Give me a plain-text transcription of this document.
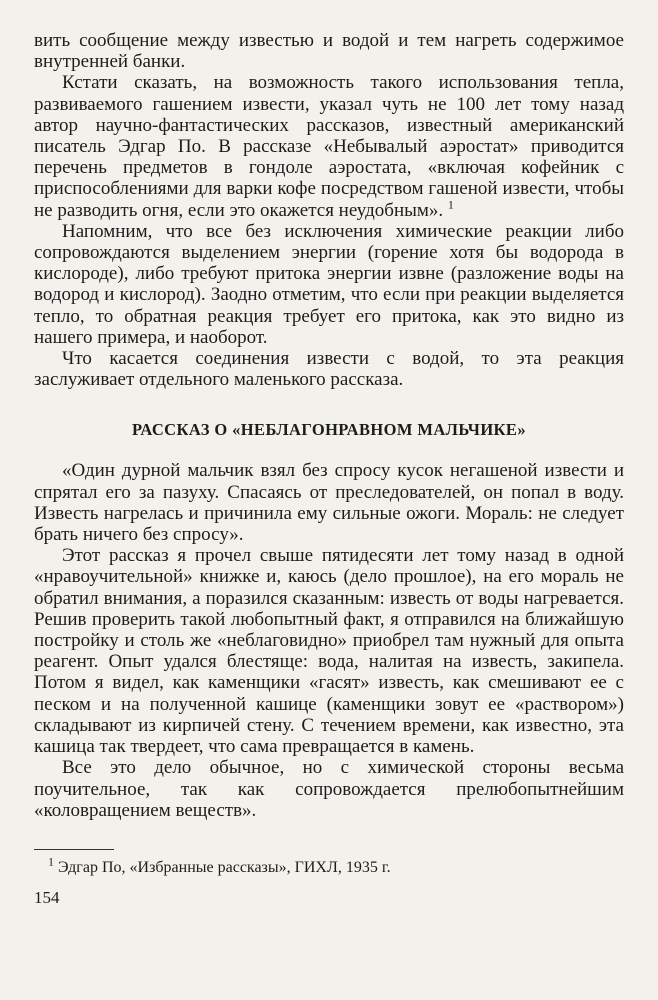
вить сообщение между известью и водой и тем нагреть содержимое внутренней банки.

Кстати сказать, на возможность такого использования тепла, развиваемого гашением извести, указал чуть не 100 лет тому назад автор научно-фантастических рассказов, известный американский писатель Эдгар По. В рассказе «Небывалый аэростат» приводится перечень предметов в гондоле аэростата, «включая кофейник с приспособлениями для варки кофе посредством гашеной извести, чтобы не разводить огня, если это окажется неудобным». $^1$

Напомним, что все без исключения химические реакции либо сопровождаются выделением энергии (горение хотя бы водорода в кислороде), либо требуют притока энергии извне (разложение воды на водород и кислород). Заодно отметим, что если при реакции выделяется тепло, то обратная реакция требует его притока, как это видно из нашего примера, и наоборот.

Что касается соединения извести с водой, то эта реакция заслуживает отдельного маленького рассказа.

РАССКАЗ О «НЕБЛАГОНРАВНОМ МАЛЬЧИКЕ»

«Один дурной мальчик взял без спросу кусок негашеной извести и спрятал его за пазуху. Спасаясь от преследователей, он попал в воду. Известь нагрелась и причинила ему сильные ожоги. Мораль: не следует брать ничего без спросу».

Этот рассказ я прочел свыше пятидесяти лет тому назад в одной «нравоучительной» книжке и, каюсь (дело прошлое), на его мораль не обратил внимания, а поразился сказанным: известь от воды нагревается. Решив проверить такой любопытный факт, я отправился на ближайшую постройку и столь же «неблаговидно» приобрел там нужный для опыта реагент. Опыт удался блестяще: вода, налитая на известь, закипела. Потом я видел, как каменщики «гасят» известь, как смешивают ее с песком и на полученной кашице (каменщики зовут ее «раствором») складывают из кирпичей стену. С течением времени, как известно, эта кашица так твердеет, что сама превращается в камень.

Все это дело обычное, но с химической стороны весьма поучительное, так как сопровождается прелюбопытнейшим «коловращением веществ».

$^1$ Эдгар По, «Избранные рассказы», ГИХЛ, 1935 г.

154
